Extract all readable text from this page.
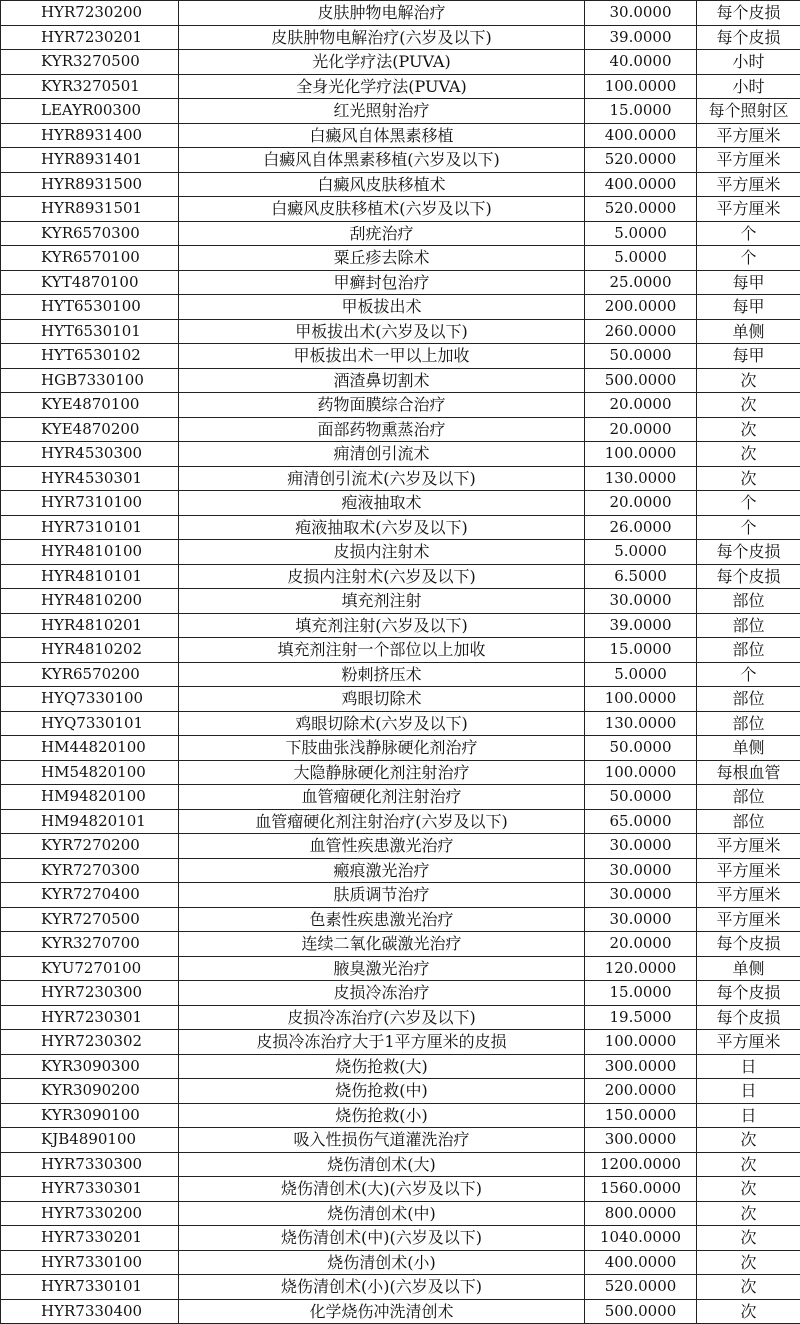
HYR7230200	皮肤肿物电解治疗	30.0000	每个皮损
HYR7230201	皮肤肿物电解治疗(六岁及以下)	39.0000	每个皮损
KYR3270500	光化学疗法(PUVA)	40.0000	小时
KYR3270501	全身光化学疗法(PUVA)	100.0000	小时
LEAYR00300	红光照射治疗	15.0000	每个照射区
HYR8931400	白癜风自体黑素移植	400.0000	平方厘米
HYR8931401	白癜风自体黑素移植(六岁及以下)	520.0000	平方厘米
HYR8931500	白癜风皮肤移植术	400.0000	平方厘米
HYR8931501	白癜风皮肤移植术(六岁及以下)	520.0000	平方厘米
KYR6570300	刮疣治疗	5.0000	个
KYR6570100	粟丘疹去除术	5.0000	个
KYT4870100	甲癣封包治疗	25.0000	每甲
HYT6530100	甲板拔出术	200.0000	每甲
HYT6530101	甲板拔出术(六岁及以下)	260.0000	单侧
HYT6530102	甲板拔出术一甲以上加收	50.0000	每甲
HGB7330100	酒渣鼻切割术	500.0000	次
KYE4870100	药物面膜综合治疗	20.0000	次
KYE4870200	面部药物熏蒸治疗	20.0000	次
HYR4530300	痈清创引流术	100.0000	次
HYR4530301	痈清创引流术(六岁及以下)	130.0000	次
HYR7310100	疱液抽取术	20.0000	个
HYR7310101	疱液抽取术(六岁及以下)	26.0000	个
HYR4810100	皮损内注射术	5.0000	每个皮损
HYR4810101	皮损内注射术(六岁及以下)	6.5000	每个皮损
HYR4810200	填充剂注射	30.0000	部位
HYR4810201	填充剂注射(六岁及以下)	39.0000	部位
HYR4810202	填充剂注射一个部位以上加收	15.0000	部位
KYR6570200	粉刺挤压术	5.0000	个
HYQ7330100	鸡眼切除术	100.0000	部位
HYQ7330101	鸡眼切除术(六岁及以下)	130.0000	部位
HM44820100	下肢曲张浅静脉硬化剂治疗	50.0000	单侧
HM54820100	大隐静脉硬化剂注射治疗	100.0000	每根血管
HM94820100	血管瘤硬化剂注射治疗	50.0000	部位
HM94820101	血管瘤硬化剂注射治疗(六岁及以下)	65.0000	部位
KYR7270200	血管性疾患激光治疗	30.0000	平方厘米
KYR7270300	瘢痕激光治疗	30.0000	平方厘米
KYR7270400	肤质调节治疗	30.0000	平方厘米
KYR7270500	色素性疾患激光治疗	30.0000	平方厘米
KYR3270700	连续二氧化碳激光治疗	20.0000	每个皮损
KYU7270100	腋臭激光治疗	120.0000	单侧
HYR7230300	皮损冷冻治疗	15.0000	每个皮损
HYR7230301	皮损冷冻治疗(六岁及以下)	19.5000	每个皮损
HYR7230302	皮损冷冻治疗大于1平方厘米的皮损	100.0000	平方厘米
KYR3090300	烧伤抢救(大)	300.0000	日
KYR3090200	烧伤抢救(中)	200.0000	日
KYR3090100	烧伤抢救(小)	150.0000	日
KJB4890100	吸入性损伤气道灌洗治疗	300.0000	次
HYR7330300	烧伤清创术(大)	1200.0000	次
HYR7330301	烧伤清创术(大)(六岁及以下)	1560.0000	次
HYR7330200	烧伤清创术(中)	800.0000	次
HYR7330201	烧伤清创术(中)(六岁及以下)	1040.0000	次
HYR7330100	烧伤清创术(小)	400.0000	次
HYR7330101	烧伤清创术(小)(六岁及以下)	520.0000	次
HYR7330400	化学烧伤冲洗清创术	500.0000	次
